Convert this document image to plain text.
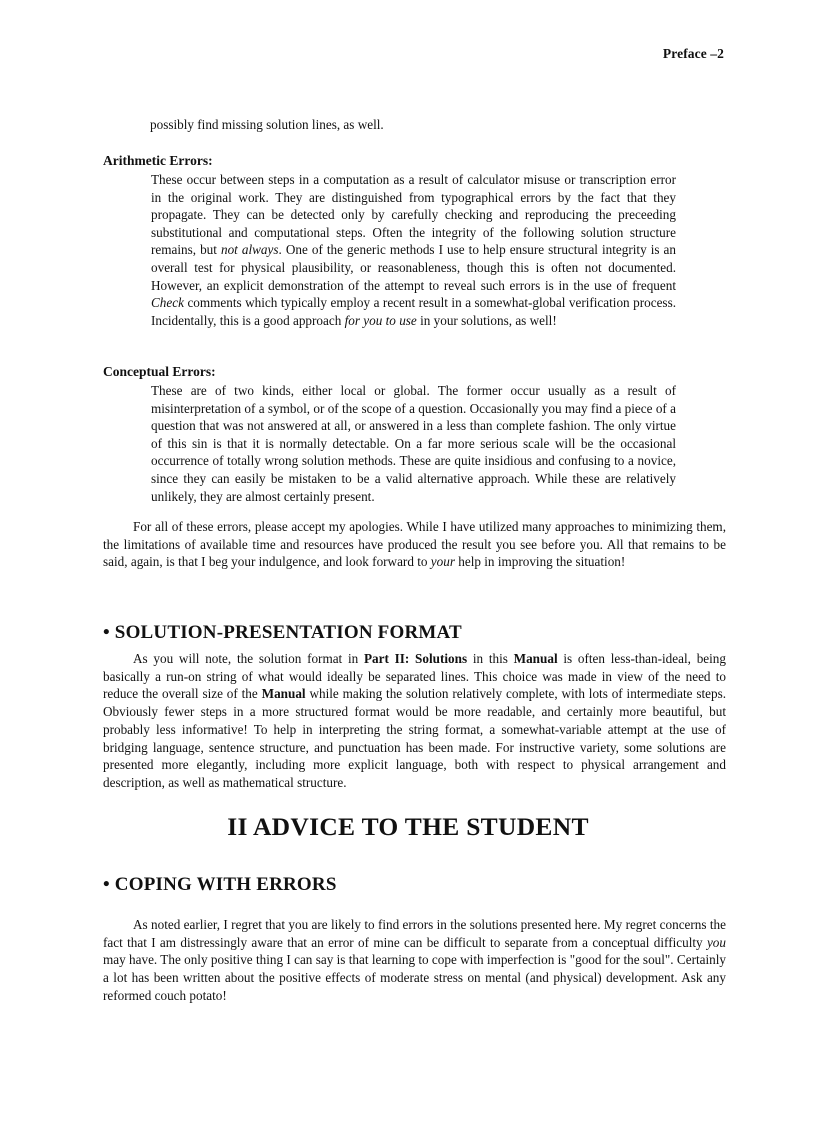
Preface –2

possibly find missing solution lines, as well.

Arithmetic Errors:

These occur between steps in a computation as a result of calculator misuse or transcription error in the original work. They are distinguished from typographical errors by the fact that they propagate. They can be detected only by carefully checking and reproducing the preceeding substitutional and computational steps. Often the integrity of the following solution structure remains, but not always. One of the generic methods I use to help ensure structural integrity is an overall test for physical plausibility, or reasonableness, though this is often not documented. However, an explicit demonstration of the attempt to reveal such errors is in the use of frequent Check comments which typically employ a recent result in a somewhat-global verification process. Incidentally, this is a good approach for you to use in your solutions, as well!

Conceptual Errors:

These are of two kinds, either local or global. The former occur usually as a result of misinterpretation of a symbol, or of the scope of a question. Occasionally you may find a piece of a question that was not answered at all, or answered in a less than complete fashion. The only virtue of this sin is that it is normally detectable. On a far more serious scale will be the occasional occurrence of totally wrong solution methods. These are quite insidious and confusing to a novice, since they can easily be mistaken to be a valid alternative approach. While these are relatively unlikely, they are almost certainly present.

For all of these errors, please accept my apologies. While I have utilized many approaches to minimizing them, the limitations of available time and resources have produced the result you see before you. All that remains to be said, again, is that I beg your indulgence, and look forward to your help in improving the situation!

• SOLUTION-PRESENTATION FORMAT

As you will note, the solution format in Part II: Solutions in this Manual is often less-than-ideal, being basically a run-on string of what would ideally be separated lines. This choice was made in view of the need to reduce the overall size of the Manual while making the solution relatively complete, with lots of intermediate steps. Obviously fewer steps in a more structured format would be more readable, and certainly more beautiful, but probably less informative! To help in interpreting the string format, a somewhat-variable attempt at the use of bridging language, sentence structure, and punctuation has been made. For instructive variety, some solutions are presented more elegantly, including more explicit language, both with respect to physical arrangement and description, as well as mathematical structure.

II ADVICE TO THE STUDENT

• COPING WITH ERRORS

As noted earlier, I regret that you are likely to find errors in the solutions presented here. My regret concerns the fact that I am distressingly aware that an error of mine can be difficult to separate from a conceptual difficulty you may have. The only positive thing I can say is that learning to cope with imperfection is "good for the soul". Certainly a lot has been written about the positive effects of moderate stress on mental (and physical) development. Ask any reformed couch potato!
